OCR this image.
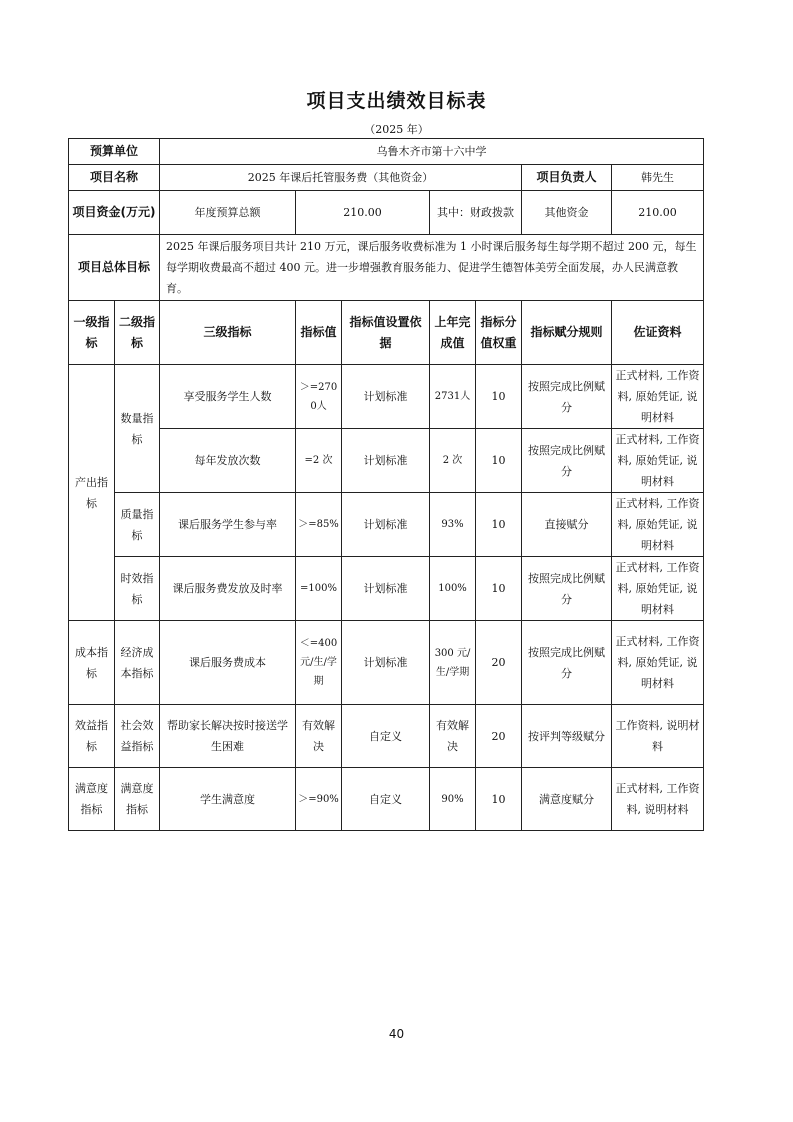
项目支出绩效目标表
（2025 年）
预算单位		乌鲁木齐市第十六中学						
项目名称		2025 年课后托管服务费（其他资金）					项目负责人	韩先生
项目资金(万元)		年度预算总额	210.00		其中：财政拨款		其他资金	210.00
项目总体目标		2025 年课后服务项目共计 210 万元，课后服务收费标准为 1 小时课后服务每生每学期不超过 200 元，每生每学期收费最高不超过 400 元。进一步增强教育服务能力、促进学生德智体美劳全面发展，办人民满意教育。						
一级指标	二级指标	三级指标	指标值	指标值设置依据	上年完成值	指标分值权重	指标赋分规则	佐证资料
产出指标	数量指标	享受服务学生人数	＞=2700人	计划标准	2731人	10	按照完成比例赋分	正式材料, 工作资料, 原始凭证, 说明材料
		每年发放次数	=2 次	计划标准	2 次	10	按照完成比例赋分	正式材料, 工作资料, 原始凭证, 说明材料
	质量指标	课后服务学生参与率	＞=85%	计划标准	93%	10	直接赋分	正式材料, 工作资料, 原始凭证, 说明材料
	时效指标	课后服务费发放及时率	=100%	计划标准	100%	10	按照完成比例赋分	正式材料, 工作资料, 原始凭证, 说明材料
成本指标	经济成本指标	课后服务费成本	＜=400元/生/学期	计划标准	300 元/生/学期	20	按照完成比例赋分	正式材料, 工作资料, 原始凭证, 说明材料
效益指标	社会效益指标	帮助家长解决按时接送学生困难	有效解决	自定义	有效解决	20	按评判等级赋分	工作资料, 说明材料
满意度指标	满意度指标	学生满意度	＞=90%	自定义	90%	10	满意度赋分	正式材料, 工作资料, 说明材料
40
